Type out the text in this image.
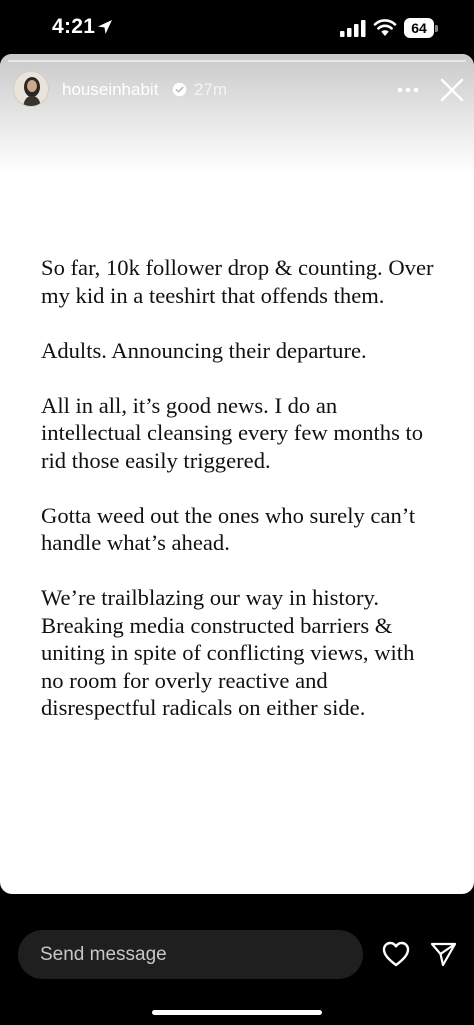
4:21	64
houseinhabit 27m

So far, 10k follower drop & counting. Over my kid in a teeshirt that offends them.

Adults. Announcing their departure.

All in all, it’s good news. I do an intellectual cleansing every few months to rid those easily triggered.

Gotta weed out the ones who surely can’t handle what’s ahead.

We’re trailblazing our way in history. Breaking media constructed barriers & uniting in spite of conflicting views, with no room for overly reactive and disrespectful radicals on either side.

Send message
